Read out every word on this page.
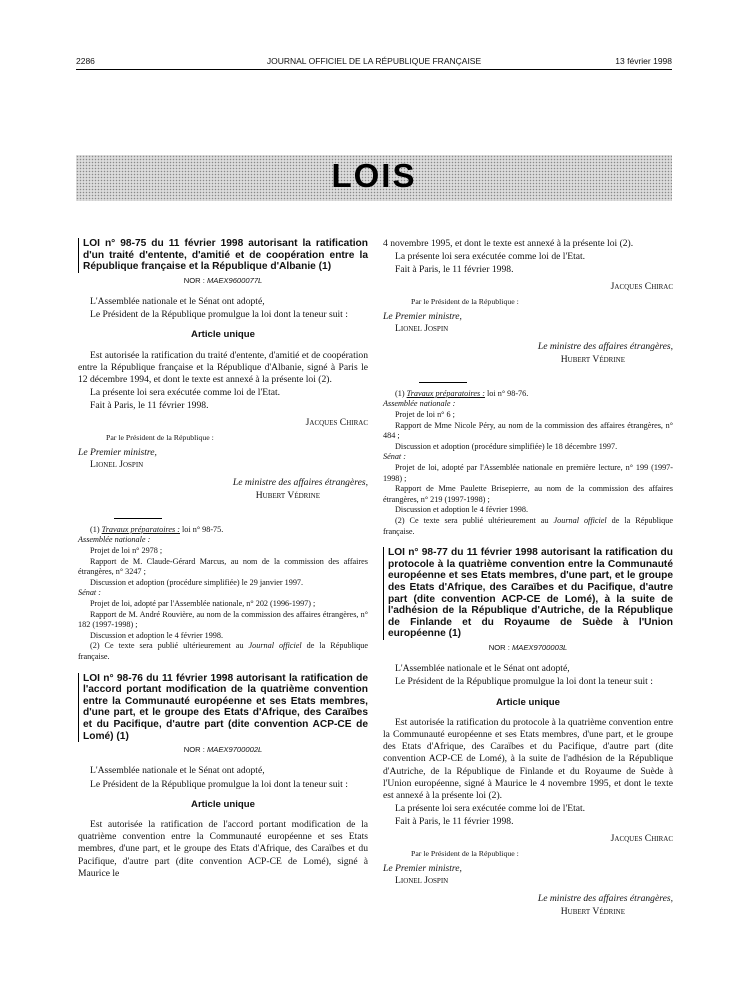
2286	JOURNAL OFFICIEL DE LA RÉPUBLIQUE FRANÇAISE	13 février 1998
LOIS
LOI n° 98-75 du 11 février 1998 autorisant la ratification d'un traité d'entente, d'amitié et de coopération entre la République française et la République d'Albanie (1)
NOR : MAEX9600077L

L'Assemblée nationale et le Sénat ont adopté,

Le Président de la République promulgue la loi dont la teneur suit :

Article unique

Est autorisée la ratification du traité d'entente, d'amitié et de coopération entre la République française et la République d'Albanie, signé à Paris le 12 décembre 1994, et dont le texte est annexé à la présente loi (2).

La présente loi sera exécutée comme loi de l'Etat.

Fait à Paris, le 11 février 1998.

Jacques Chirac
Par le Président de la République :
Le Premier ministre,
Lionel Jospin
Le ministre des affaires étrangères,
Hubert Védrine

(1) Travaux préparatoires : loi n° 98-75.

Assemblée nationale :

Projet de loi n° 2978 ;

Rapport de M. Claude-Gérard Marcus, au nom de la commission des affaires étrangères, n° 3247 ;

Discussion et adoption (procédure simplifiée) le 29 janvier 1997.

Sénat :

Projet de loi, adopté par l'Assemblée nationale, n° 202 (1996-1997) ;

Rapport de M. André Rouvière, au nom de la commission des affaires étrangères, n° 182 (1997-1998) ;

Discussion et adoption le 4 février 1998.

(2) Ce texte sera publié ultérieurement au Journal officiel de la République française.

LOI n° 98-76 du 11 février 1998 autorisant la ratification de l'accord portant modification de la quatrième convention entre la Communauté européenne et ses Etats membres, d'une part, et le groupe des Etats d'Afrique, des Caraïbes et du Pacifique, d'autre part (dite convention ACP-CE de Lomé) (1)
NOR : MAEX9700002L

L'Assemblée nationale et le Sénat ont adopté,

Le Président de la République promulgue la loi dont la teneur suit :

Article unique

Est autorisée la ratification de l'accord portant modification de la quatrième convention entre la Communauté européenne et ses Etats membres, d'une part, et le groupe des Etats d'Afrique, des Caraïbes et du Pacifique, d'autre part (dite convention ACP-CE de Lomé), signé à Maurice le

4 novembre 1995, et dont le texte est annexé à la présente loi (2).

La présente loi sera exécutée comme loi de l'Etat.

Fait à Paris, le 11 février 1998.

Jacques Chirac
Par le Président de la République :
Le Premier ministre,
Lionel Jospin
Le ministre des affaires étrangères,
Hubert Védrine

(1) Travaux préparatoires : loi n° 98-76.

Assemblée nationale :

Projet de loi n° 6 ;

Rapport de Mme Nicole Péry, au nom de la commission des affaires étrangères, n° 484 ;

Discussion et adoption (procédure simplifiée) le 18 décembre 1997.

Sénat :

Projet de loi, adopté par l'Assemblée nationale en première lecture, n° 199 (1997-1998) ;

Rapport de Mme Paulette Brisepierre, au nom de la commission des affaires étrangères, n° 219 (1997-1998) ;

Discussion et adoption le 4 février 1998.

(2) Ce texte sera publié ultérieurement au Journal officiel de la République française.

LOI n° 98-77 du 11 février 1998 autorisant la ratification du protocole à la quatrième convention entre la Communauté européenne et ses Etats membres, d'une part, et le groupe des Etats d'Afrique, des Caraïbes et du Pacifique, d'autre part (dite convention ACP-CE de Lomé), à la suite de l'adhésion de la République d'Autriche, de la République de Finlande et du Royaume de Suède à l'Union européenne (1)
NOR : MAEX9700003L

L'Assemblée nationale et le Sénat ont adopté,

Le Président de la République promulgue la loi dont la teneur suit :

Article unique

Est autorisée la ratification du protocole à la quatrième convention entre la Communauté européenne et ses Etats membres, d'une part, et le groupe des Etats d'Afrique, des Caraïbes et du Pacifique, d'autre part (dite convention ACP-CE de Lomé), à la suite de l'adhésion de la République d'Autriche, de la République de Finlande et du Royaume de Suède à l'Union européenne, signé à Maurice le 4 novembre 1995, et dont le texte est annexé à la présente loi (2).

La présente loi sera exécutée comme loi de l'Etat.

Fait à Paris, le 11 février 1998.

Jacques Chirac
Par le Président de la République :
Le Premier ministre,
Lionel Jospin
Le ministre des affaires étrangères,
Hubert Védrine
